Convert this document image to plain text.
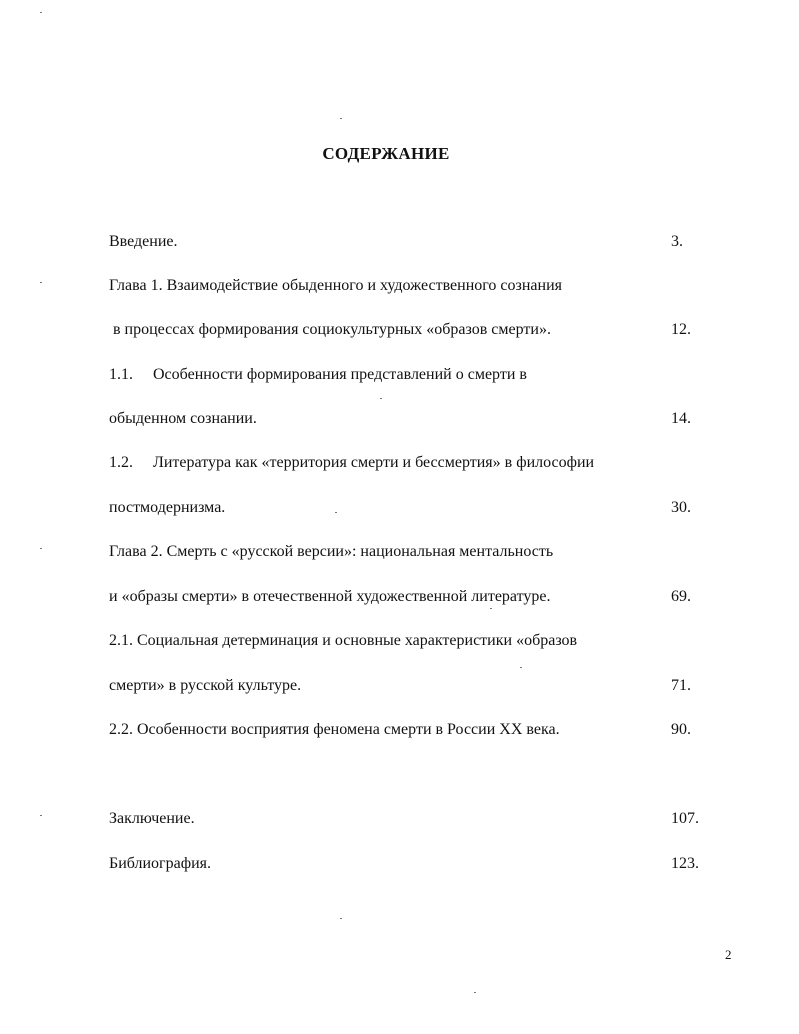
СОДЕРЖАНИЕ
Введение.	3.
Глава 1. Взаимодействие обыденного и художественного сознания
в процессах формирования социокультурных «образов смерти».	12.
1.1. Особенности формирования представлений о смерти в
обыденном сознании.	14.
1.2. Литература как «территория смерти и бессмертия» в философии
постмодернизма.	30.
Глава 2. Смерть с «русской версии»: национальная ментальность
и «образы смерти» в отечественной художественной литературе.	69.
2.1. Социальная детерминация и основные характеристики «образов
смерти» в русской культуре.	71.
2.2. Особенности восприятия феномена смерти в России XX века.	90.
Заключение.	107.
Библиография.	123.
2
